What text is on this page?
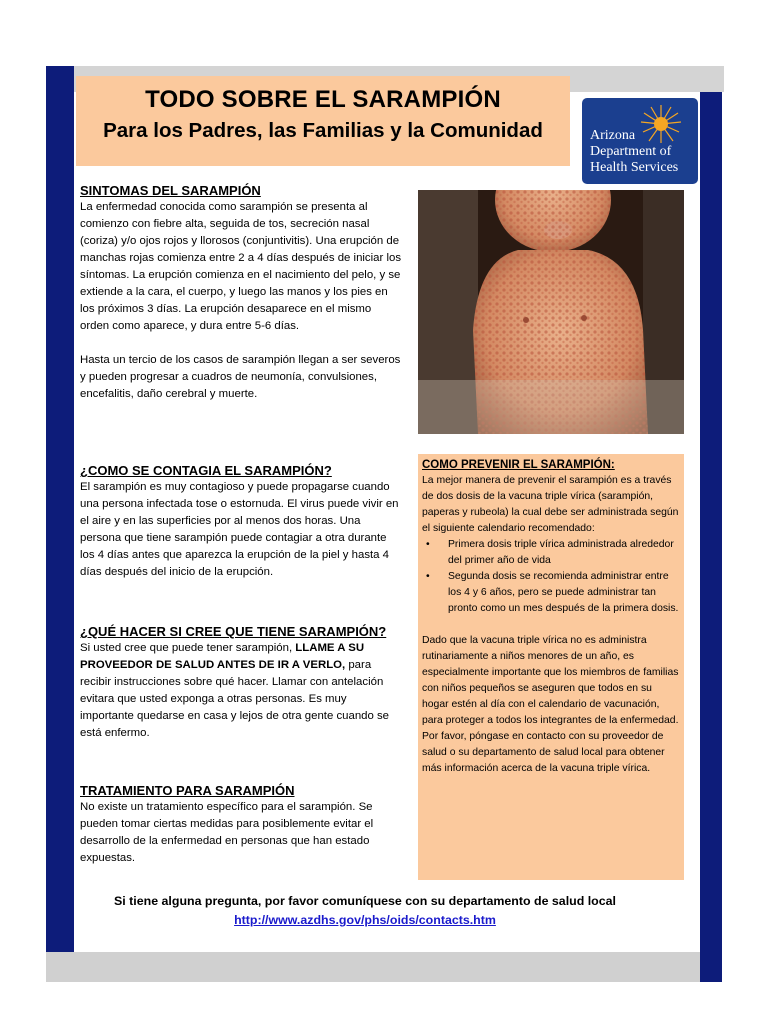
TODO SOBRE EL SARAMPIÓN
Para los Padres, las Familias y la Comunidad	Arizona
Department of
Health Services

SINTOMAS DEL SARAMPIÓN

La enfermedad conocida como sarampión se presenta al comienzo con fiebre alta, seguida de tos, secreción nasal (coriza) y/o ojos rojos y llorosos (conjuntivitis). Una erupción de manchas rojas comienza entre 2 a 4 días después de iniciar los síntomas. La erupción comienza en el nacimiento del pelo, y se extiende a la cara, el cuerpo, y luego las manos y los pies en los próximos 3 días. La erupción desaparece en el mismo orden como aparece, y dura entre 5-6 días.

Hasta un tercio de los casos de sarampión llegan a ser severos y pueden progresar a cuadros de neumonía, convulsiones, encefalitis, daño cerebral y muerte.

¿COMO SE CONTAGIA EL SARAMPIÓN?

El sarampión es muy contagioso y puede propagarse cuando una persona infectada tose o estornuda. El virus puede vivir en el aire y en las superficies por al menos dos horas. Una persona que tiene sarampión puede contagiar a otra durante los 4 días antes que aparezca la erupción de la piel y hasta 4 días después del inicio de la erupción.

¿QUÉ HACER SI CREE QUE TIENE SARAMPIÓN?

Si usted cree que puede tener sarampión, LLAME A SU PROVEEDOR DE SALUD ANTES DE IR A VERLO, para recibir instrucciones sobre qué hacer. Llamar con antelación evitara que usted exponga a otras personas. Es muy importante quedarse en casa y lejos de otra gente cuando se está enfermo.

TRATAMIENTO PARA SARAMPIÓN

No existe un tratamiento específico para el sarampión. Se pueden tomar ciertas medidas para posiblemente evitar el desarrollo de la enfermedad en personas que han estado expuestas.

COMO PREVENIR EL SARAMPIÓN:

La mejor manera de prevenir el sarampión es a través de dos dosis de la vacuna triple vírica (sarampión, paperas y rubeola) la cual debe ser administrada según el siguiente calendario recomendado:

• Primera dosis triple vírica administrada alrededor del primer año de vida
• Segunda dosis se recomienda administrar entre los 4 y 6 años, pero se puede administrar tan pronto como un mes después de la primera dosis.

Dado que la vacuna triple vírica no es administra rutinariamente a niños menores de un año, es especialmente importante que los miembros de familias con niños pequeños se aseguren que todos en su hogar estén al día con el calendario de vacunación, para proteger a todos los integrantes de la enfermedad. Por favor, póngase en contacto con su proveedor de salud o su departamento de salud local para obtener más información acerca de la vacuna triple vírica.

Si tiene alguna pregunta, por favor comuníquese con su departamento de salud local
http://www.azdhs.gov/phs/oids/contacts.htm
